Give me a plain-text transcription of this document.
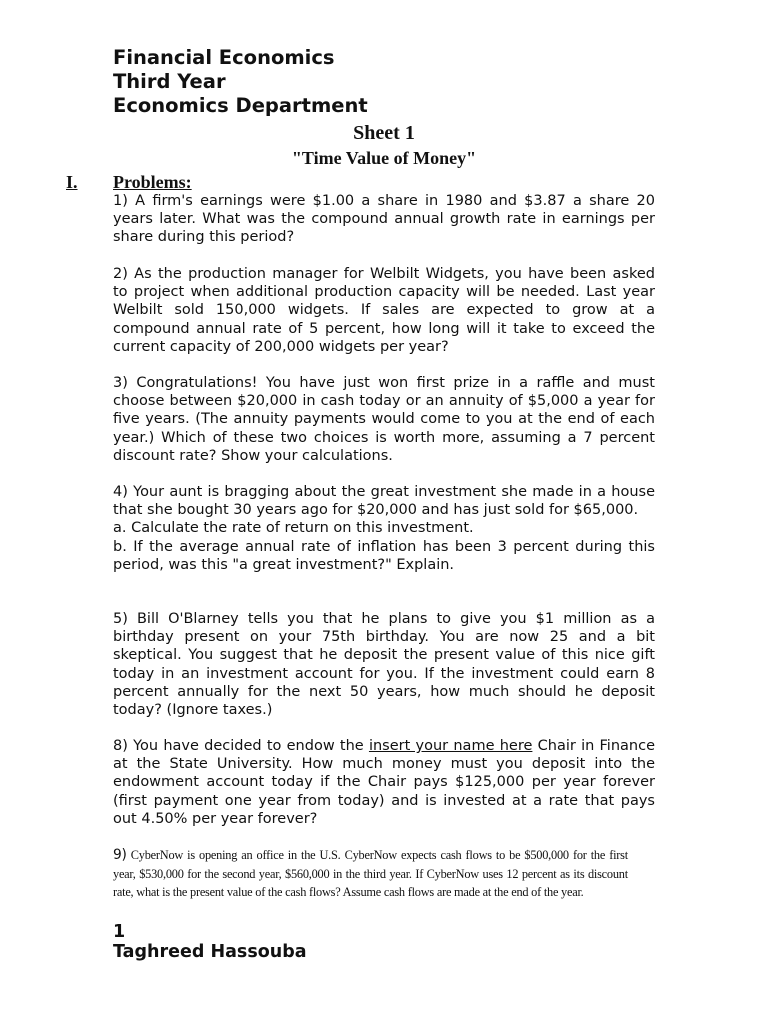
Financial Economics
Third Year
Economics Department
Sheet 1
"Time Value of Money"
I. Problems:

1) A firm's earnings were $1.00 a share in 1980 and $3.87 a share 20 years later. What was the compound annual growth rate in earnings per share during this period?

2) As the production manager for Welbilt Widgets, you have been asked to project when additional production capacity will be needed. Last year Welbilt sold 150,000 widgets. If sales are expected to grow at a compound annual rate of 5 percent, how long will it take to exceed the current capacity of 200,000 widgets per year?

3) Congratulations! You have just won first prize in a raffle and must choose between $20,000 in cash today or an annuity of $5,000 a year for five years. (The annuity payments would come to you at the end of each year.) Which of these two choices is worth more, assuming a 7 percent discount rate? Show your calculations.

4) Your aunt is bragging about the great investment she made in a house that she bought 30 years ago for $20,000 and has just sold for $65,000.
a. Calculate the rate of return on this investment.
b. If the average annual rate of inflation has been 3 percent during this period, was this "a great investment?" Explain.

5) Bill O'Blarney tells you that he plans to give you $1 million as a birthday present on your 75th birthday. You are now 25 and a bit skeptical. You suggest that he deposit the present value of this nice gift today in an investment account for you. If the investment could earn 8 percent annually for the next 50 years, how much should he deposit today? (Ignore taxes.)

8) You have decided to endow the insert your name here Chair in Finance at the State University. How much money must you deposit into the endowment account today if the Chair pays $125,000 per year forever (first payment one year from today) and is invested at a rate that pays out 4.50% per year forever?

9) CyberNow is opening an office in the U.S. CyberNow expects cash flows to be $500,000 for the first year, $530,000 for the second year, $560,000 in the third year. If CyberNow uses 12 percent as its discount rate, what is the present value of the cash flows? Assume cash flows are made at the end of the year.

1
Taghreed Hassouba
